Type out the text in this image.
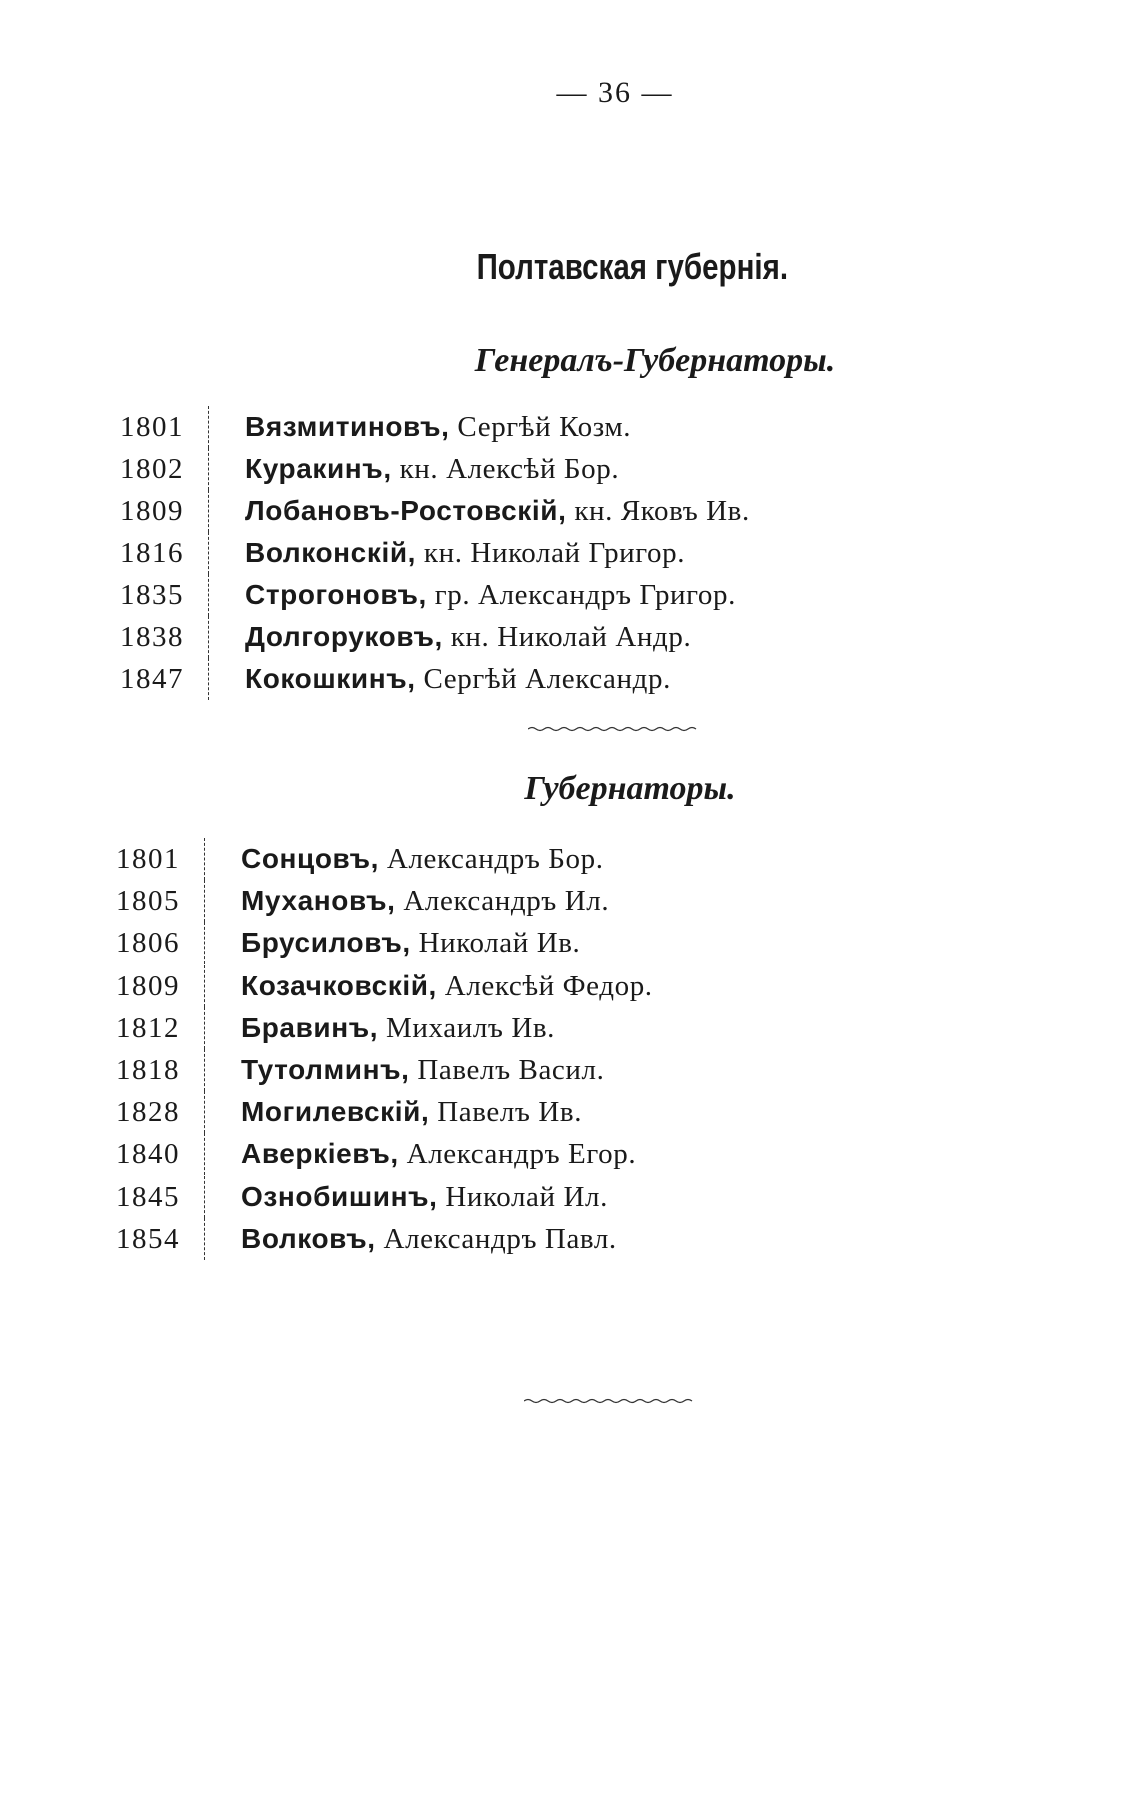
— 36 —
Полтавская губернія.
Генералъ-Губернаторы.
1801	Вязмитиновъ, Сергѣй Козм.
1802	Куракинъ, кн. Алексѣй Бор.
1809	Лобановъ-Ростовскій, кн. Яковъ Ив.
1816	Волконскій, кн. Николай Григор.
1835	Строгоновъ, гр. Александръ Григор.
1838	Долгоруковъ, кн. Николай Андр.
1847	Кокошкинъ, Сергѣй Александр.
Губернаторы.
1801	Сонцовъ, Александръ Бор.
1805	Мухановъ, Александръ Ил.
1806	Брусиловъ, Николай Ив.
1809	Козачковскій, Алексѣй Федор.
1812	Бравинъ, Михаилъ Ив.
1818	Тутолминъ, Павелъ Васил.
1828	Могилевскій, Павелъ Ив.
1840	Аверкіевъ, Александръ Егор.
1845	Ознобишинъ, Николай Ил.
1854	Волковъ, Александръ Павл.
